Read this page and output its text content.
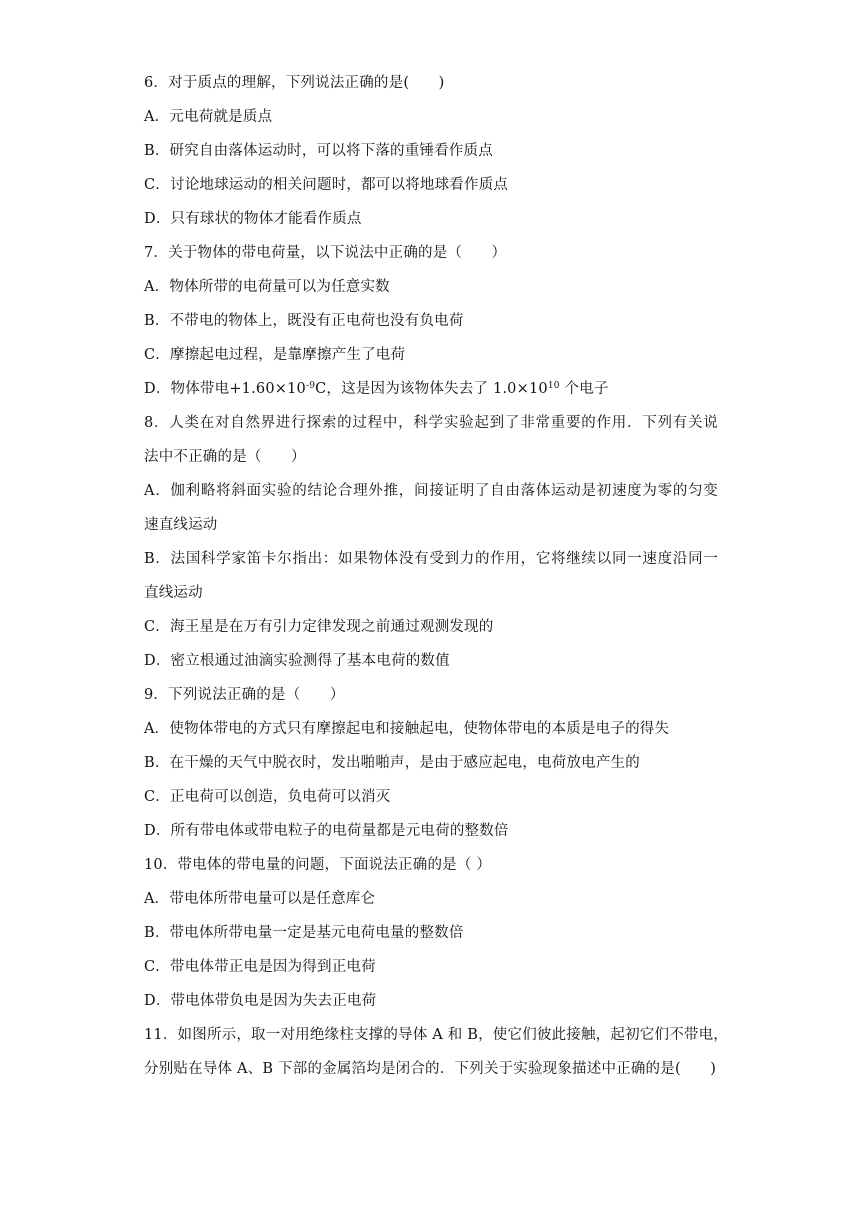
6．对于质点的理解，下列说法正确的是(　　)
A．元电荷就是质点
B．研究自由落体运动时，可以将下落的重锤看作质点
C．讨论地球运动的相关问题时，都可以将地球看作质点
D．只有球状的物体才能看作质点
7．关于物体的带电荷量，以下说法中正确的是（　　）
A．物体所带的电荷量可以为任意实数
B．不带电的物体上，既没有正电荷也没有负电荷
C．摩擦起电过程，是靠摩擦产生了电荷
D．物体带电$+1.60\times 10^{-9}C$，这是因为该物体失去了 $1.0\times 10^{10}$ 个电子
8．人类在对自然界进行探索的过程中，科学实验起到了非常重要的作用．下列有关说
法中不正确的是（　　）
A．伽利略将斜面实验的结论合理外推，间接证明了自由落体运动是初速度为零的匀变
速直线运动
B．法国科学家笛卡尔指出：如果物体没有受到力的作用，它将继续以同一速度沿同一
直线运动
C．海王星是在万有引力定律发现之前通过观测发现的
D．密立根通过油滴实验测得了基本电荷的数值
9．下列说法正确的是（　　）
A．使物体带电的方式只有摩擦起电和接触起电，使物体带电的本质是电子的得失
B．在干燥的天气中脱衣时，发出啪啪声，是由于感应起电，电荷放电产生的
C．正电荷可以创造，负电荷可以消灭
D．所有带电体或带电粒子的电荷量都是元电荷的整数倍
10．带电体的带电量的问题，下面说法正确的是（ ）
A．带电体所带电量可以是任意库仑
B．带电体所带电量一定是基元电荷电量的整数倍
C．带电体带正电是因为得到正电荷
D．带电体带负电是因为失去正电荷
11．如图所示，取一对用绝缘柱支撑的导体 A 和 B，使它们彼此接触，起初它们不带电，
分别贴在导体 A、B 下部的金属箔均是闭合的．下列关于实验现象描述中正确的是(　　)
